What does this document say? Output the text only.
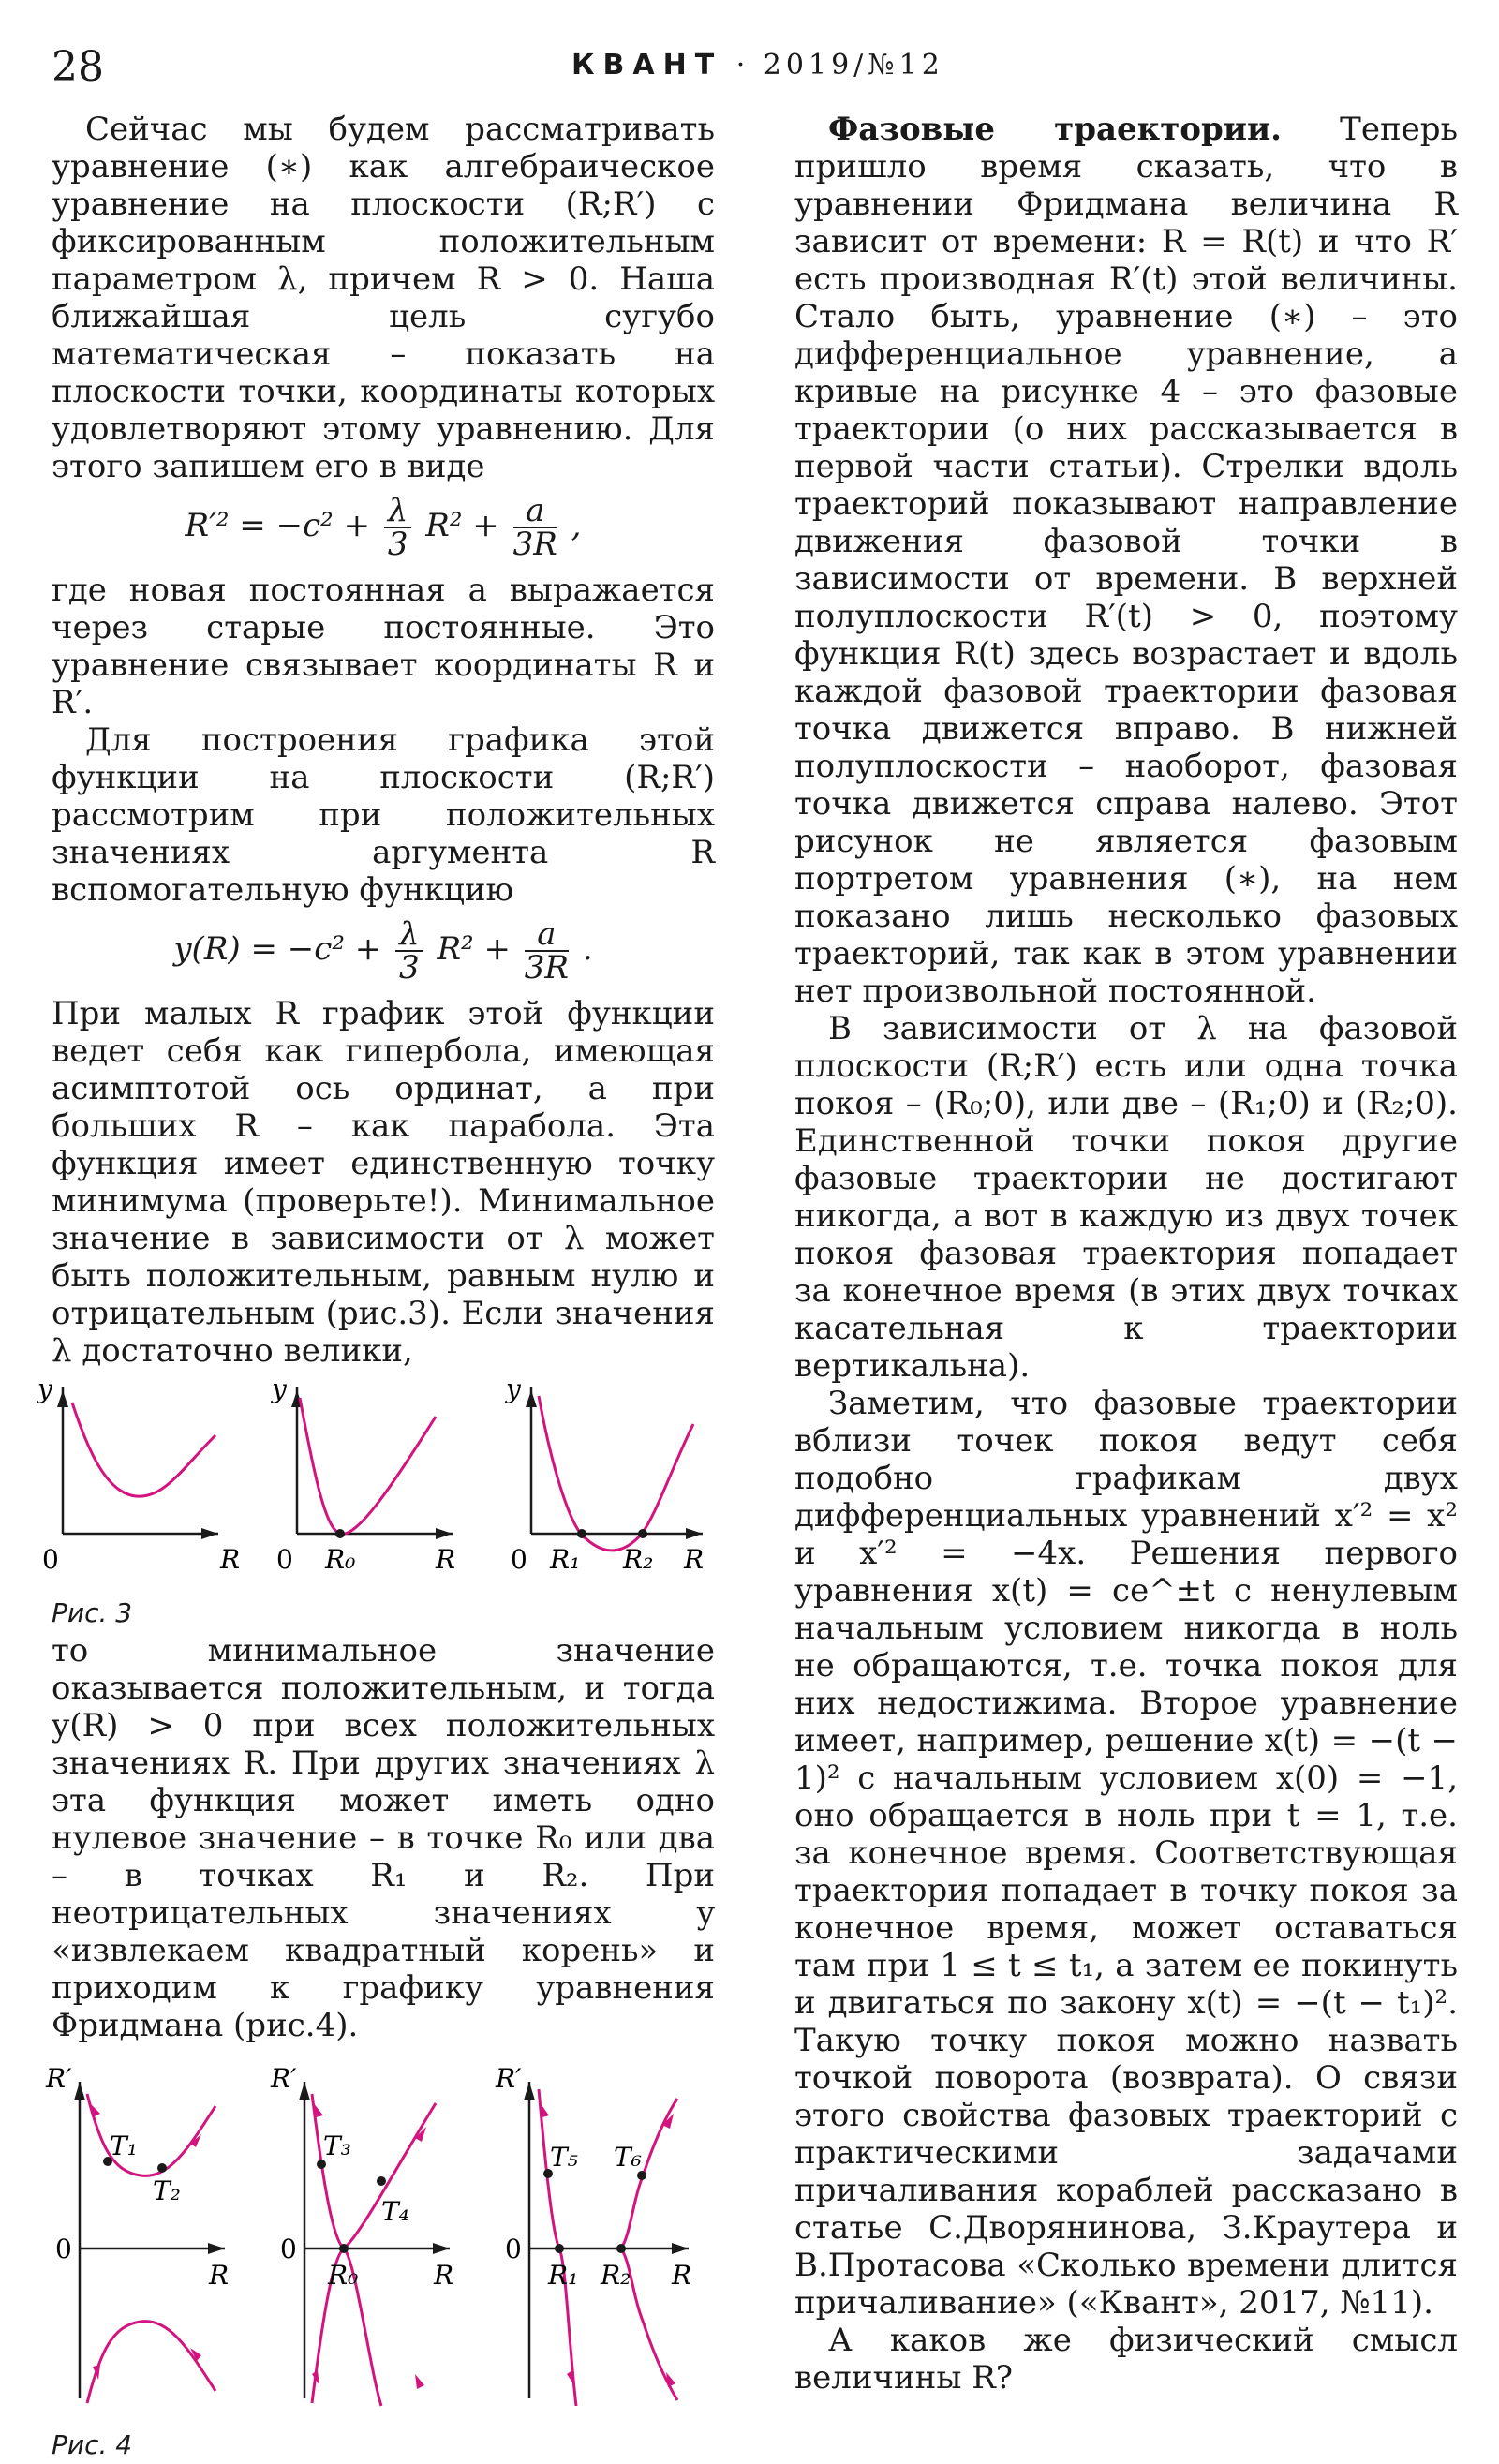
28	КВАНТ · 2019/№12

Сейчас мы будем рассматривать уравнение (∗) как алгебраическое уравнение на плоскости (R;R′) с фиксированным положительным параметром λ, причем R > 0. Наша ближайшая цель сугубо математическая – показать на плоскости точки, координаты которых удовлетворяют этому уравнению. Для этого запишем его в виде

$R'^2 = -c^2 + \frac{\lambda}{3} R^2 + \frac{a}{3R}$ ,

где новая постоянная a выражается через старые постоянные. Это уравнение связывает координаты R и R′.

Для построения графика этой функции на плоскости (R;R′) рассмотрим при положительных значениях аргумента R вспомогательную функцию

$y(R) = -c^2 + \frac{\lambda}{3} R^2 + \frac{a}{3R}$ .

При малых R график этой функции ведет себя как гипербола, имеющая асимптотой ось ординат, а при больших R – как парабола. Эта функция имеет единственную точку минимума (проверьте!). Минимальное значение в зависимости от λ может быть положительным, равным нулю и отрицательным (рис.3). Если значения λ достаточно велики,

y
0	R
y
0 R₀	R
y
0 R₁ R₂ R
Рис. 3

то минимальное значение оказывается положительным, и тогда y(R) > 0 при всех положительных значениях R. При других значениях λ эта функция может иметь одно нулевое значение – в точке R₀ или два – в точках R₁ и R₂. При неотрицательных значениях y «извлекаем квадратный корень» и приходим к графику уравнения Фридмана (рис.4).

T₁
T₂
R′
0
R
T₃
T₄
R′
0
R₀	R
T₅ T₆
R′
0
R₁ R₂ R
Рис. 4

Фазовые траектории. Теперь пришло время сказать, что в уравнении Фридмана величина R зависит от времени: R = R(t) и что R′ есть производная R′(t) этой величины. Стало быть, уравнение (∗) – это дифференциальное уравнение, а кривые на рисунке 4 – это фазовые траектории (о них рассказывается в первой части статьи). Стрелки вдоль траекторий показывают направление движения фазовой точки в зависимости от времени. В верхней полуплоскости R′(t) > 0, поэтому функция R(t) здесь возрастает и вдоль каждой фазовой траектории фазовая точка движется вправо. В нижней полуплоскости – наоборот, фазовая точка движется справа налево. Этот рисунок не является фазовым портретом уравнения (∗), на нем показано лишь несколько фазовых траекторий, так как в этом уравнении нет произвольной постоянной.

В зависимости от λ на фазовой плоскости (R;R′) есть или одна точка покоя – (R₀;0), или две – (R₁;0) и (R₂;0). Единственной точки покоя другие фазовые траектории не достигают никогда, а вот в каждую из двух точек покоя фазовая траектория попадает за конечное время (в этих двух точках касательная к траектории вертикальна).

Заметим, что фазовые траектории вблизи точек покоя ведут себя подобно графикам двух дифференциальных уравнений x′² = x² и x′² = −4x. Решения первого уравнения x(t) = ce^±t с ненулевым начальным условием никогда в ноль не обращаются, т.е. точка покоя для них недостижима. Второе уравнение имеет, например, решение x(t) = −(t − 1)² с начальным условием x(0) = −1, оно обращается в ноль при t = 1, т.е. за конечное время. Соответствующая траектория попадает в точку покоя за конечное время, может оставаться там при 1 ≤ t ≤ t₁, а затем ее покинуть и двигаться по закону x(t) = −(t − t₁)². Такую точку покоя можно назвать точкой поворота (возврата). О связи этого свойства фазовых траекторий с практическими задачами причаливания кораблей рассказано в статье С.Дворянинова, З.Краутера и В.Протасова «Сколько времени длится причаливание» («Квант», 2017, №11).

А каков же физический смысл величины R?
